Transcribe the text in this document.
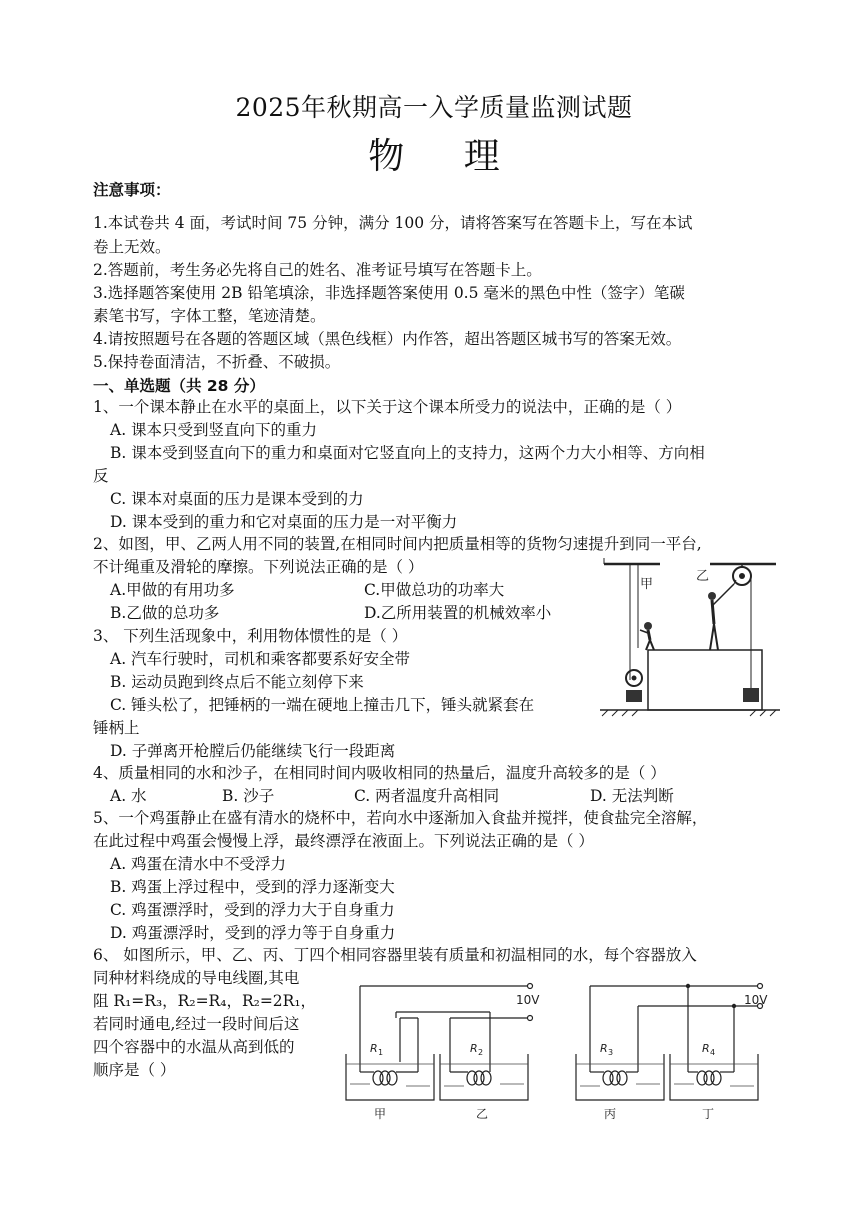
2025年秋期高一入学质量监测试题
物 理
注意事项：
1.本试卷共 4 面，考试时间 75 分钟，满分 100 分，请将答案写在答题卡上，写在本试
卷上无效。
2.答题前，考生务必先将自己的姓名、准考证号填写在答题卡上。
3.选择题答案使用 2B 铅笔填涂，非选择题答案使用 0.5 毫米的黑色中性（签字）笔碳
素笔书写，字体工整，笔迹清楚。
4.请按照题号在各题的答题区域（黑色线框）内作答，超出答题区城书写的答案无效。
5.保持卷面清洁，不折叠、不破损。
一、单选题（共 28 分）
1、一个课本静止在水平的桌面上，以下关于这个课本所受力的说法中，正确的是（ ）
A. 课本只受到竖直向下的重力
B. 课本受到竖直向下的重力和桌面对它竖直向上的支持力，这两个力大小相等、方向相
反
C. 课本对桌面的压力是课本受到的力
D. 课本受到的重力和它对桌面的压力是一对平衡力
2、如图，甲、乙两人用不同的装置,在相同时间内把质量相等的货物匀速提升到同一平台,
不计绳重及滑轮的摩擦。下列说法正确的是（ ）
A.甲做的有用功多	C.甲做总功的功率大
B.乙做的总功多	D.乙所用装置的机械效率小
甲
乙
3、 下列生活现象中，利用物体惯性的是（ ）
A. 汽车行驶时，司机和乘客都要系好安全带
B. 运动员跑到终点后不能立刻停下来
C. 锤头松了，把锤柄的一端在硬地上撞击几下，锤头就紧套在
锤柄上
D. 子弹离开枪膛后仍能继续飞行一段距离
4、质量相同的水和沙子，在相同时间内吸收相同的热量后，温度升高较多的是（ ）
A. 水	B. 沙子	C. 两者温度升高相同	D. 无法判断
5、一个鸡蛋静止在盛有清水的烧杯中，若向水中逐渐加入食盐并搅拌，使食盐完全溶解，
在此过程中鸡蛋会慢慢上浮，最终漂浮在液面上。下列说法正确的是（ ）
A. 鸡蛋在清水中不受浮力
B. 鸡蛋上浮过程中，受到的浮力逐渐变大
C. 鸡蛋漂浮时，受到的浮力大于自身重力
D. 鸡蛋漂浮时，受到的浮力等于自身重力
6、 如图所示，甲、乙、丙、丁四个相同容器里装有质量和初温相同的水，每个容器放入
同种材料绕成的导电线圈,其电
阻 R₁=R₃，R₂=R₄，R₂=2R₁，
若同时通电,经过一段时间后这
四个容器中的水温从高到低的
顺序是（ ）
10V	10V
R 1	R 2	R 3	R 4
甲	乙	丙	丁
